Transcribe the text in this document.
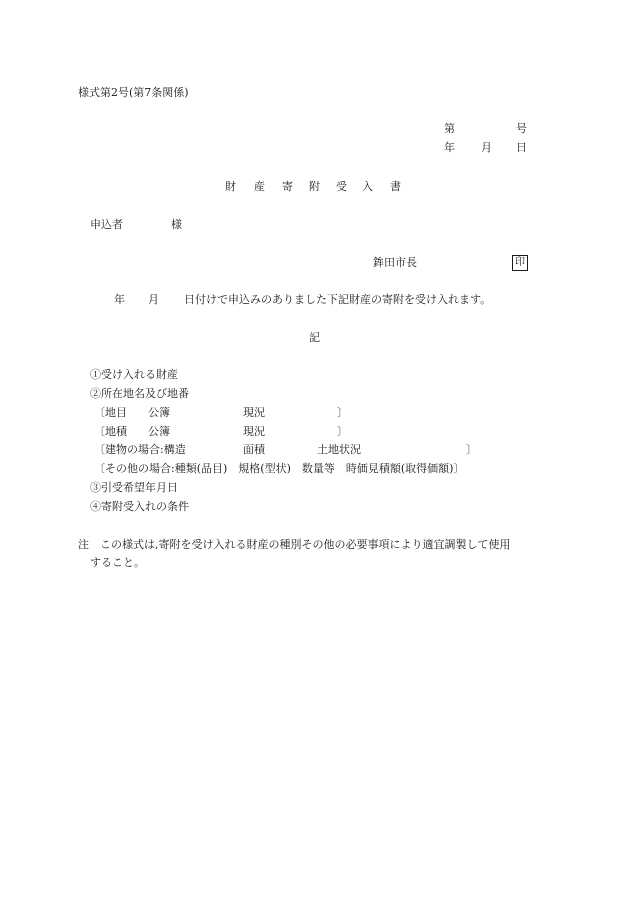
様式第2号(第7条関係)
第	号
年 月 日
財 産 寄 附 受 入 書
申込者	様
鉾田市長	印
年 月 日付けで申込みのありました下記財産の寄附を受け入れます。
記
①受け入れる財産
②所在地名及び地番
〔地目 公簿	現況	〕
〔地積 公簿	現況	〕
〔建物の場合:構造	面積	土地状況	〕
〔その他の場合:種類(品目)　規格(型状)　数量等　時価見積額(取得価額)〕
③引受希望年月日
④寄附受入れの条件
注　この様式は,寄附を受け入れる財産の種別その他の必要事項により適宜調製して使用
すること。
